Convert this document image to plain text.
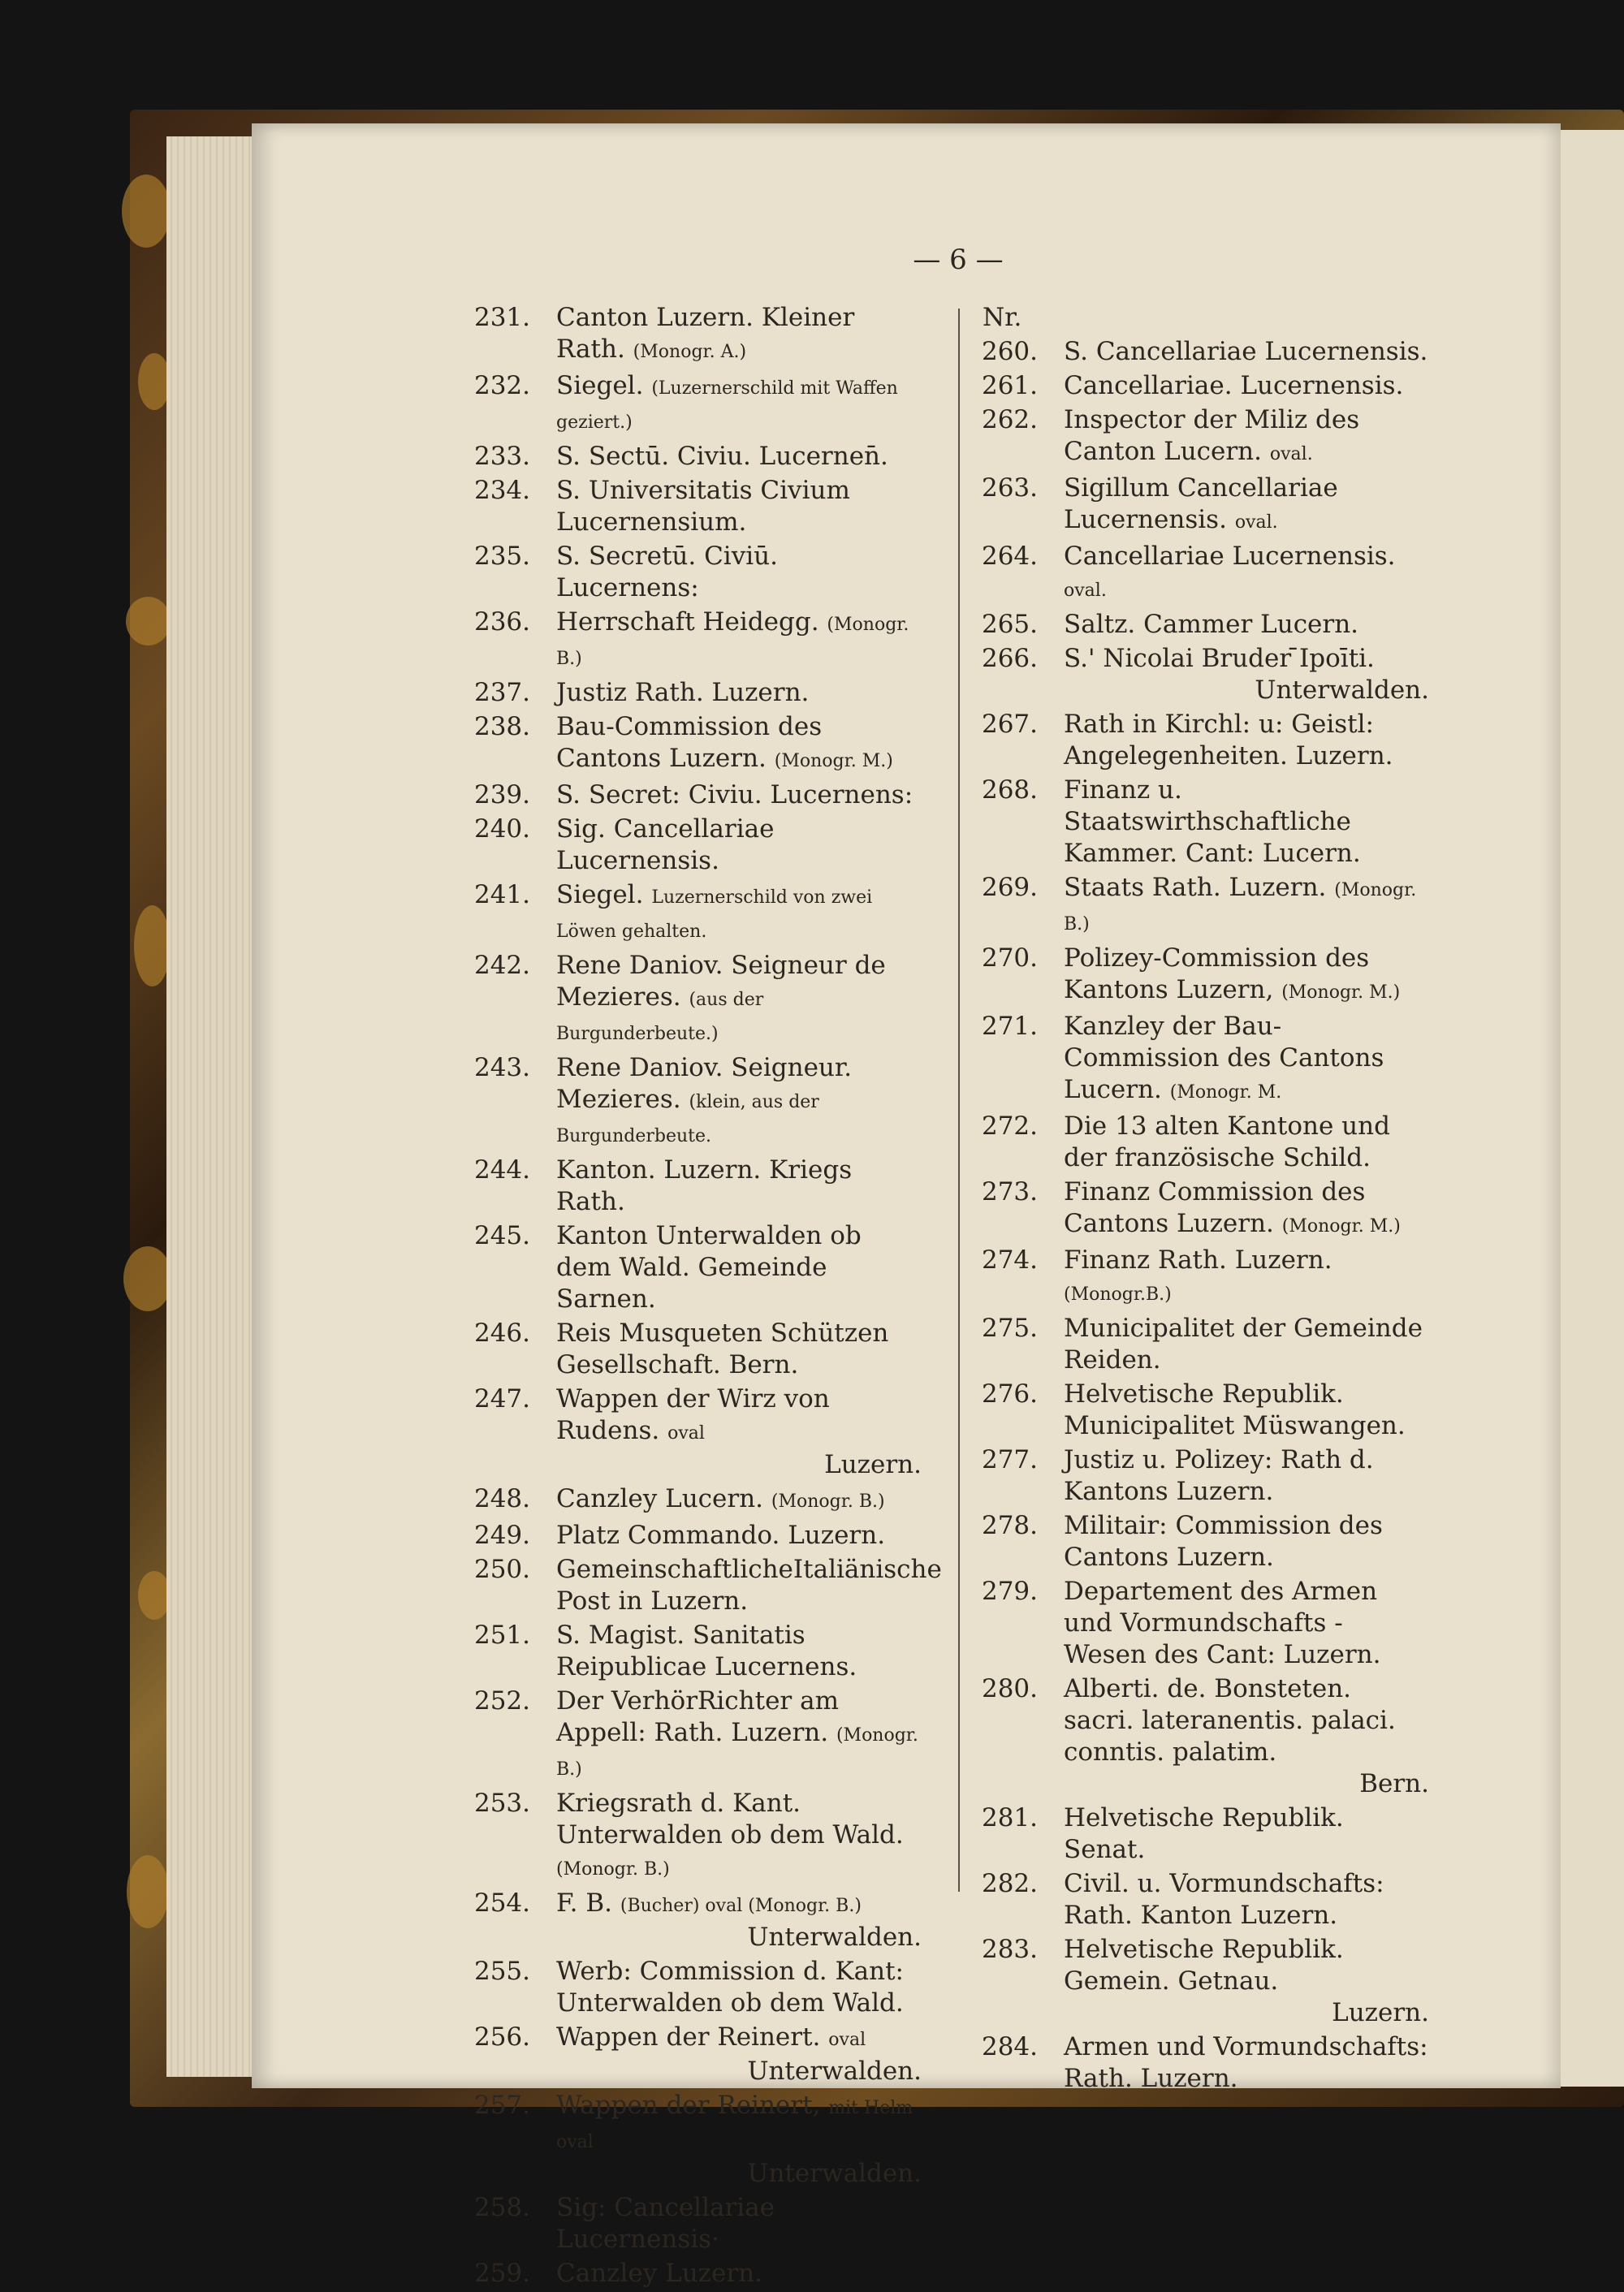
— 6 —
231. Canton Luzern. Kleiner Rath. (Monogr. A.)
232. Siegel. (Luzernerschild mit Waffen geziert.)
233. S. Sectū. Civiu. Lucernen̄.
234. S. Universitatis Civium Lucernensium.
235. S. Secretū. Civiū. Lucernens:
236. Herrschaft Heidegg. (Monogr. B.)
237. Justiz Rath. Luzern.
238. Bau-Commission des Cantons Luzern. (Monogr. M.)
239. S. Secret: Civiu. Lucernens:
240. Sig. Cancellariae Lucernensis.
241. Siegel. Luzernerschild von zwei Löwen gehalten.
242. Rene Daniov. Seigneur de Mezieres. (aus der Burgunderbeute.)
243. Rene Daniov. Seigneur. Mezieres. (klein, aus der Burgunderbeute.
244. Kanton. Luzern. Kriegs Rath.
245. Kanton Unterwalden ob dem Wald. Gemeinde Sarnen.
246. Reis Musqueten Schützen Gesellschaft. Bern.
247. Wappen der Wirz von Rudens. oval
Luzern.
248. Canzley Lucern. (Monogr. B.)
249. Platz Commando. Luzern.
250. GemeinschaftlicheItaliänische Post in Luzern.
251. S. Magist. Sanitatis Reipublicae Lucernens.
252. Der VerhörRichter am Appell: Rath. Luzern. (Monogr. B.)
253. Kriegsrath d. Kant. Unterwalden ob dem Wald. (Monogr. B.)
254. F. B. (Bucher) oval (Monogr. B.)
Unterwalden.
255. Werb: Commission d. Kant: Unterwalden ob dem Wald.
256. Wappen der Reinert. oval
Unterwalden.
257. Wappen der Reinert, mit Helm oval
Unterwalden.
258. Sig: Cancellariae Lucernensis·
259. Canzley Luzern.
Nr.
260. S. Cancellariae Lucernensis.
261. Cancellariae. Lucernensis.
262. Inspector der Miliz des Canton Lucern. oval.
263. Sigillum Cancellariae Lucernensis. oval.
264. Cancellariae Lucernensis. oval.
265. Saltz. Cammer Lucern.
266. S.' Nicolai Bruder ̄Ipoīti.
Unterwalden.
267. Rath in Kirchl: u: Geistl: Angelegenheiten. Luzern.
268. Finanz u. Staatswirthschaftliche Kammer. Cant: Lucern.
269. Staats Rath. Luzern. (Monogr. B.)
270. Polizey-Commission des Kantons Luzern, (Monogr. M.)
271. Kanzley der Bau-Commission des Cantons Lucern. (Monogr. M.
272. Die 13 alten Kantone und der französische Schild.
273. Finanz Commission des Cantons Luzern. (Monogr. M.)
274. Finanz Rath. Luzern. (Monogr.B.)
275. Municipalitet der Gemeinde Reiden.
276. Helvetische Republik. Municipalitet Müswangen.
277. Justiz u. Polizey: Rath d. Kantons Luzern.
278. Militair: Commission des Cantons Luzern.
279. Departement des Armen und Vormundschafts - Wesen des Cant: Luzern.
280. Alberti. de. Bonsteten. sacri. lateranentis. palaci. conntis. palatim.
Bern.
281. Helvetische Republik. Senat.
282. Civil. u. Vormundschafts: Rath. Kanton Luzern.
283. Helvetische Republik. Gemein. Getnau.
Luzern.
284. Armen und Vormundschafts: Rath. Luzern.
